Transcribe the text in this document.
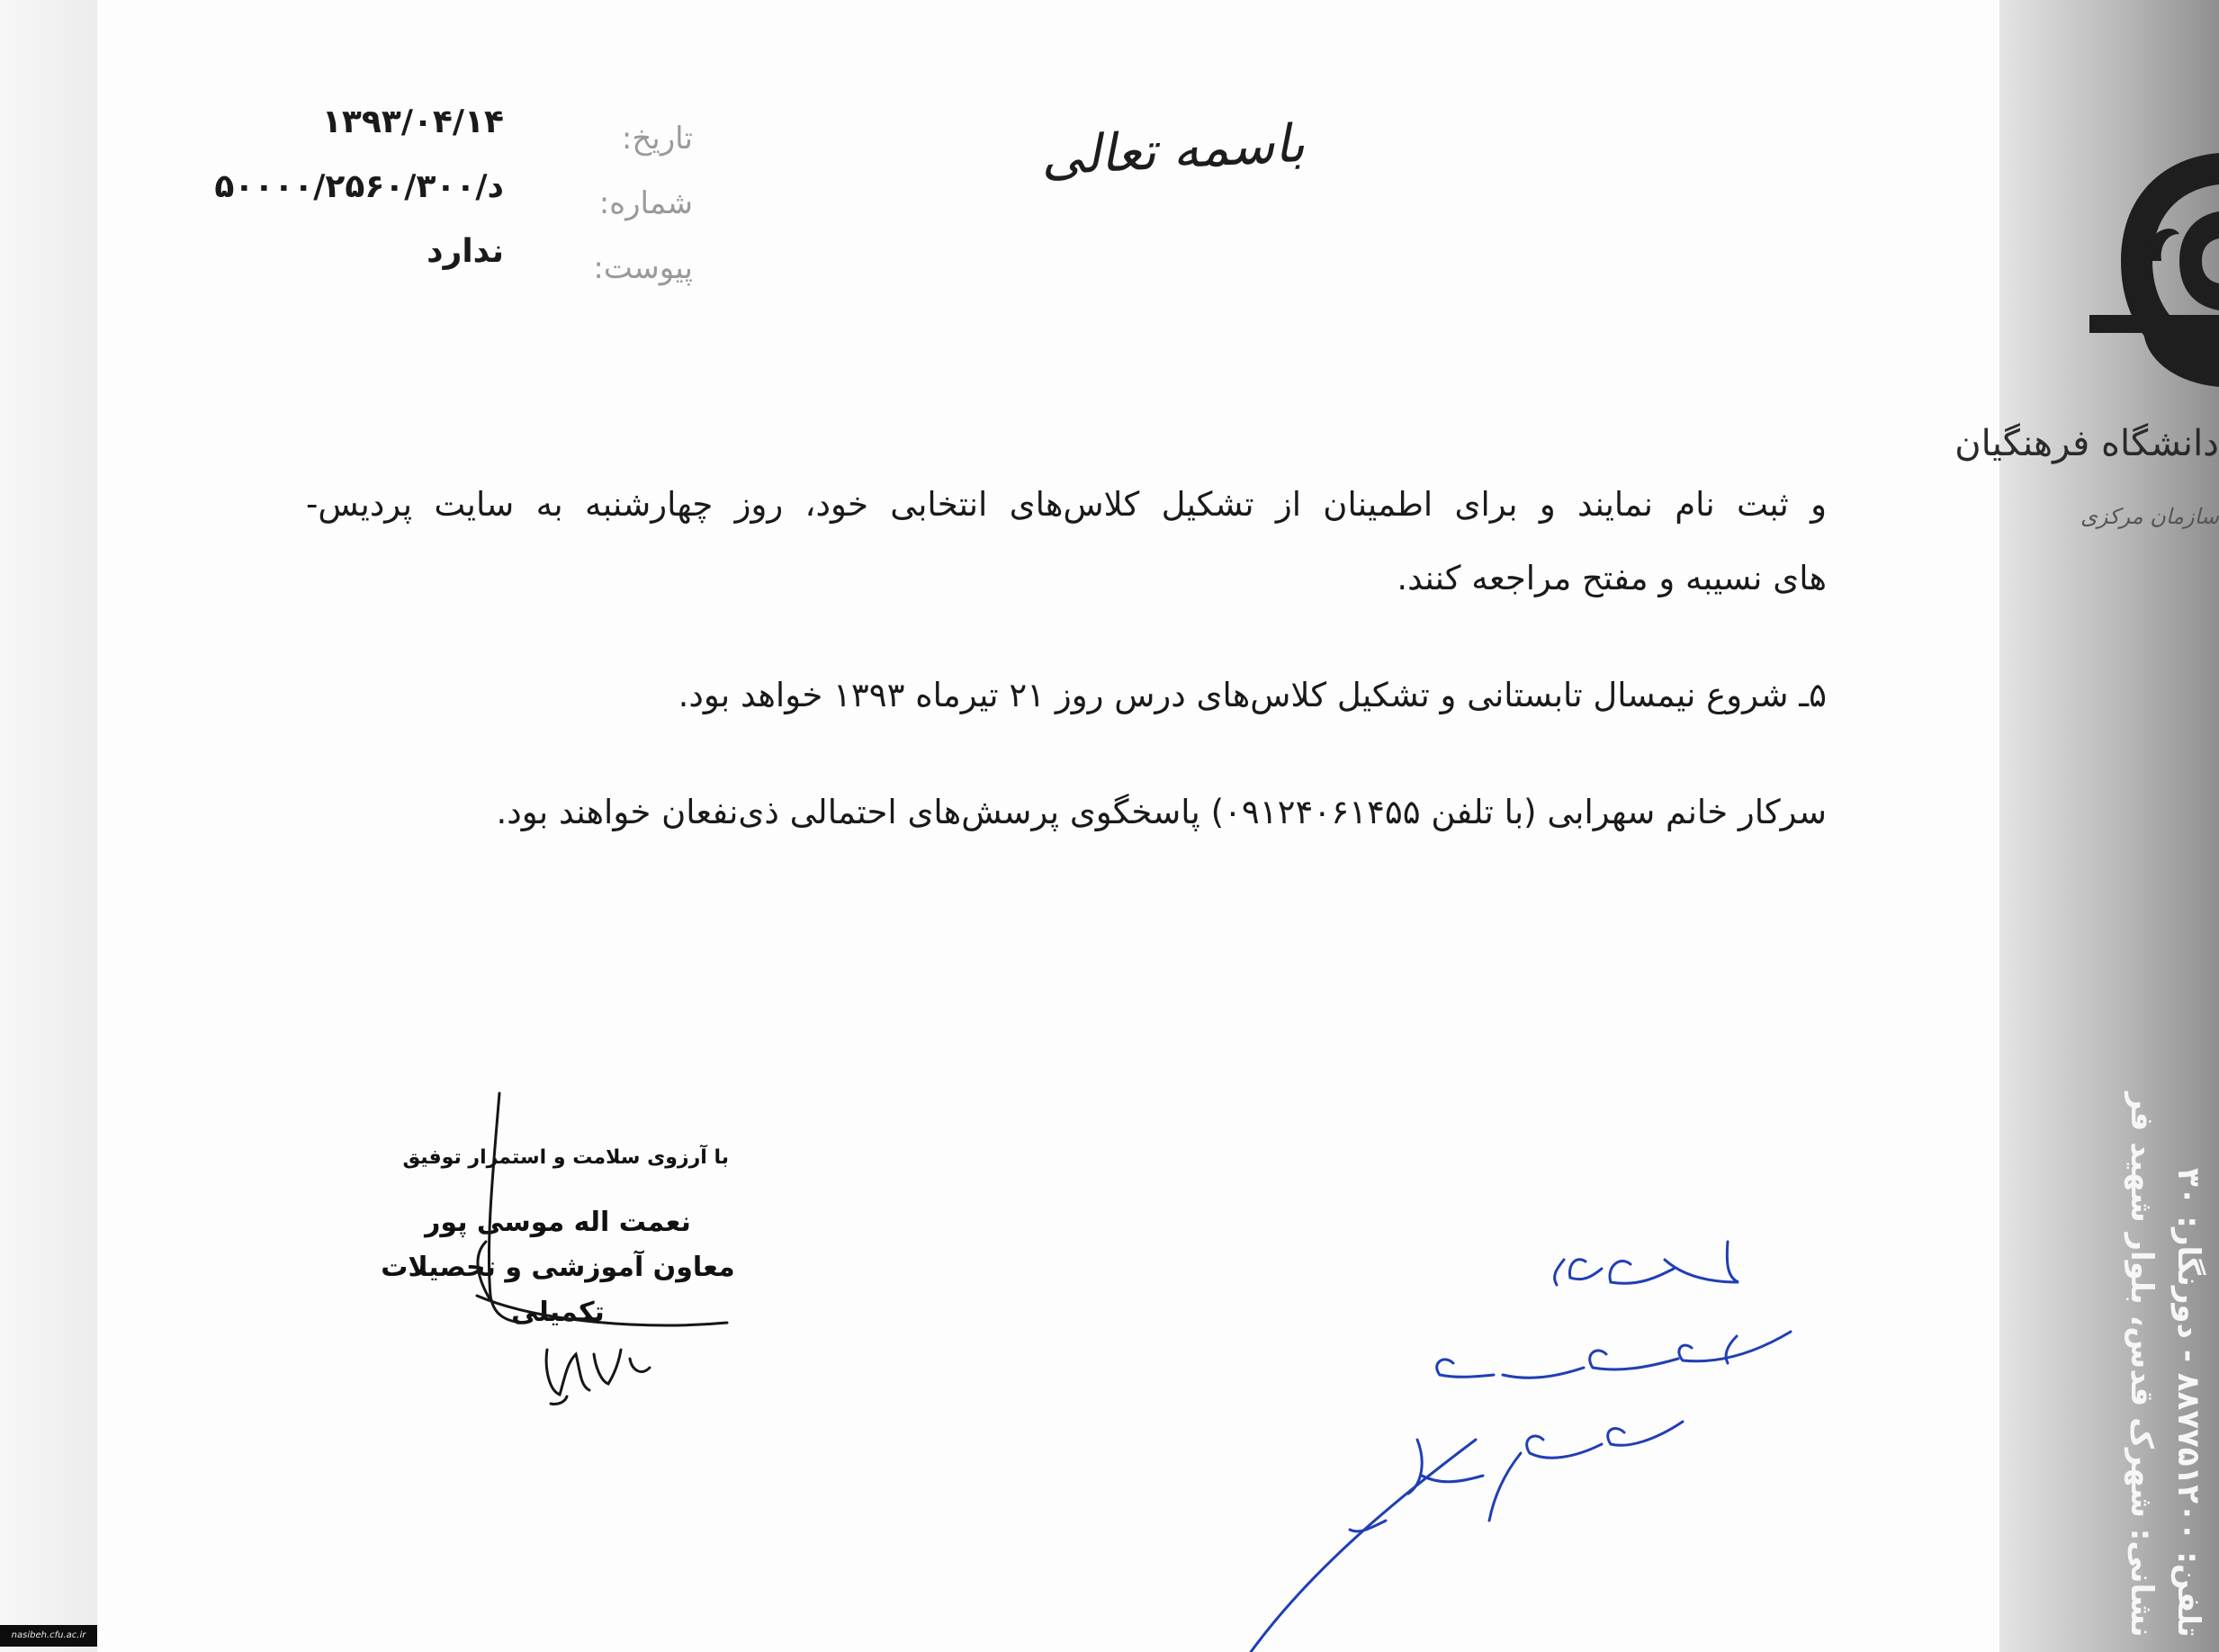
نشانی: شهرک قدس، بلوار شهید فر تلفن: ۸۸۷۷۵۱۲۰۰ - دورنگار: ۳۰
دانشگاه فرهنگیان
سازمان مرکزی
تاریخ:
شماره:
پیوست:
۱۳۹۳/۰۴/۱۴
د/۵۰۰۰۰/۲۵۶۰/۳۰۰
ندارد
باسمه تعالی

و ثبت نام نمایند و برای اطمینان از تشکیل کلاس‌های انتخابی خود، روز چهارشنبه به سایت پردیس-

های نسیبه و مفتح مراجعه کنند.

۵ـ شروع نیمسال تابستانی و تشکیل کلاس‌های درس روز ۲۱ تیرماه ۱۳۹۳ خواهد بود.

سرکار خانم سهرابی (با تلفن ۰۹۱۲۴۰۶۱۴۵۵) پاسخگوی پرسش‌های احتمالی ذی‌نفعان خواهند بود.

با آرزوی سلامت و استمرار توفیق
نعمت اله موسی پور
معاون آموزشی و تحصیلات تکمیلی
nasibeh.cfu.ac.ir
